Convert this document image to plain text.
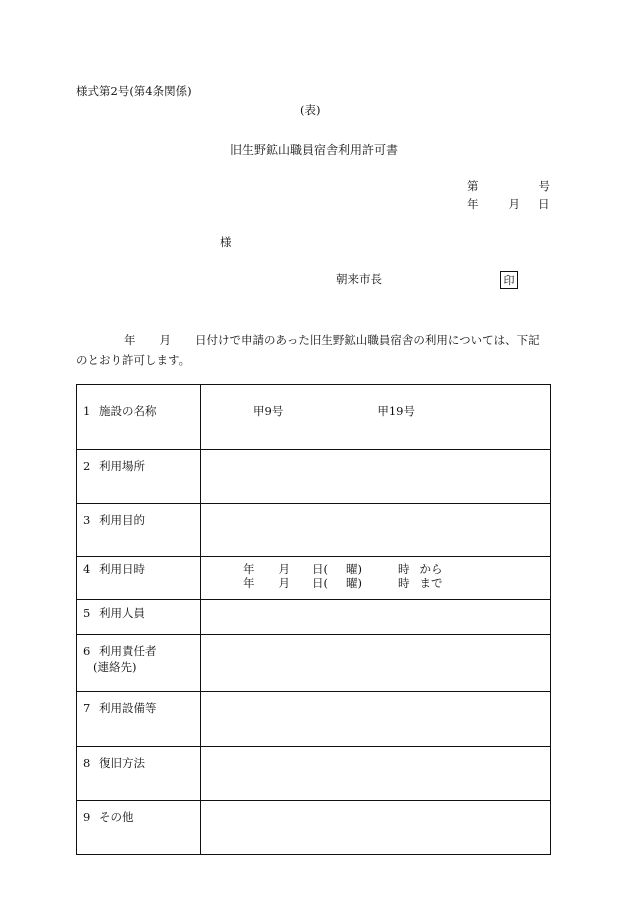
様式第2号(第4条関係)
(表)
旧生野鉱山職員宿舎利用許可書
第	号
年	月 日
様
朝来市長	印
年 月 日付けで申請のあった旧生野鉱山職員宿舎の利用については、下記
のとおり許可します。
1 施設の名称	甲9号 甲19号
2 利用場所	
3 利用目的	
4 利用日時	年 月 日( 曜) 時 から
年 月 日( 曜) 時 まで

5 利用人員	
6 利用責任者
(連絡先)	
7 利用設備等	
8 復旧方法	
9 その他	
